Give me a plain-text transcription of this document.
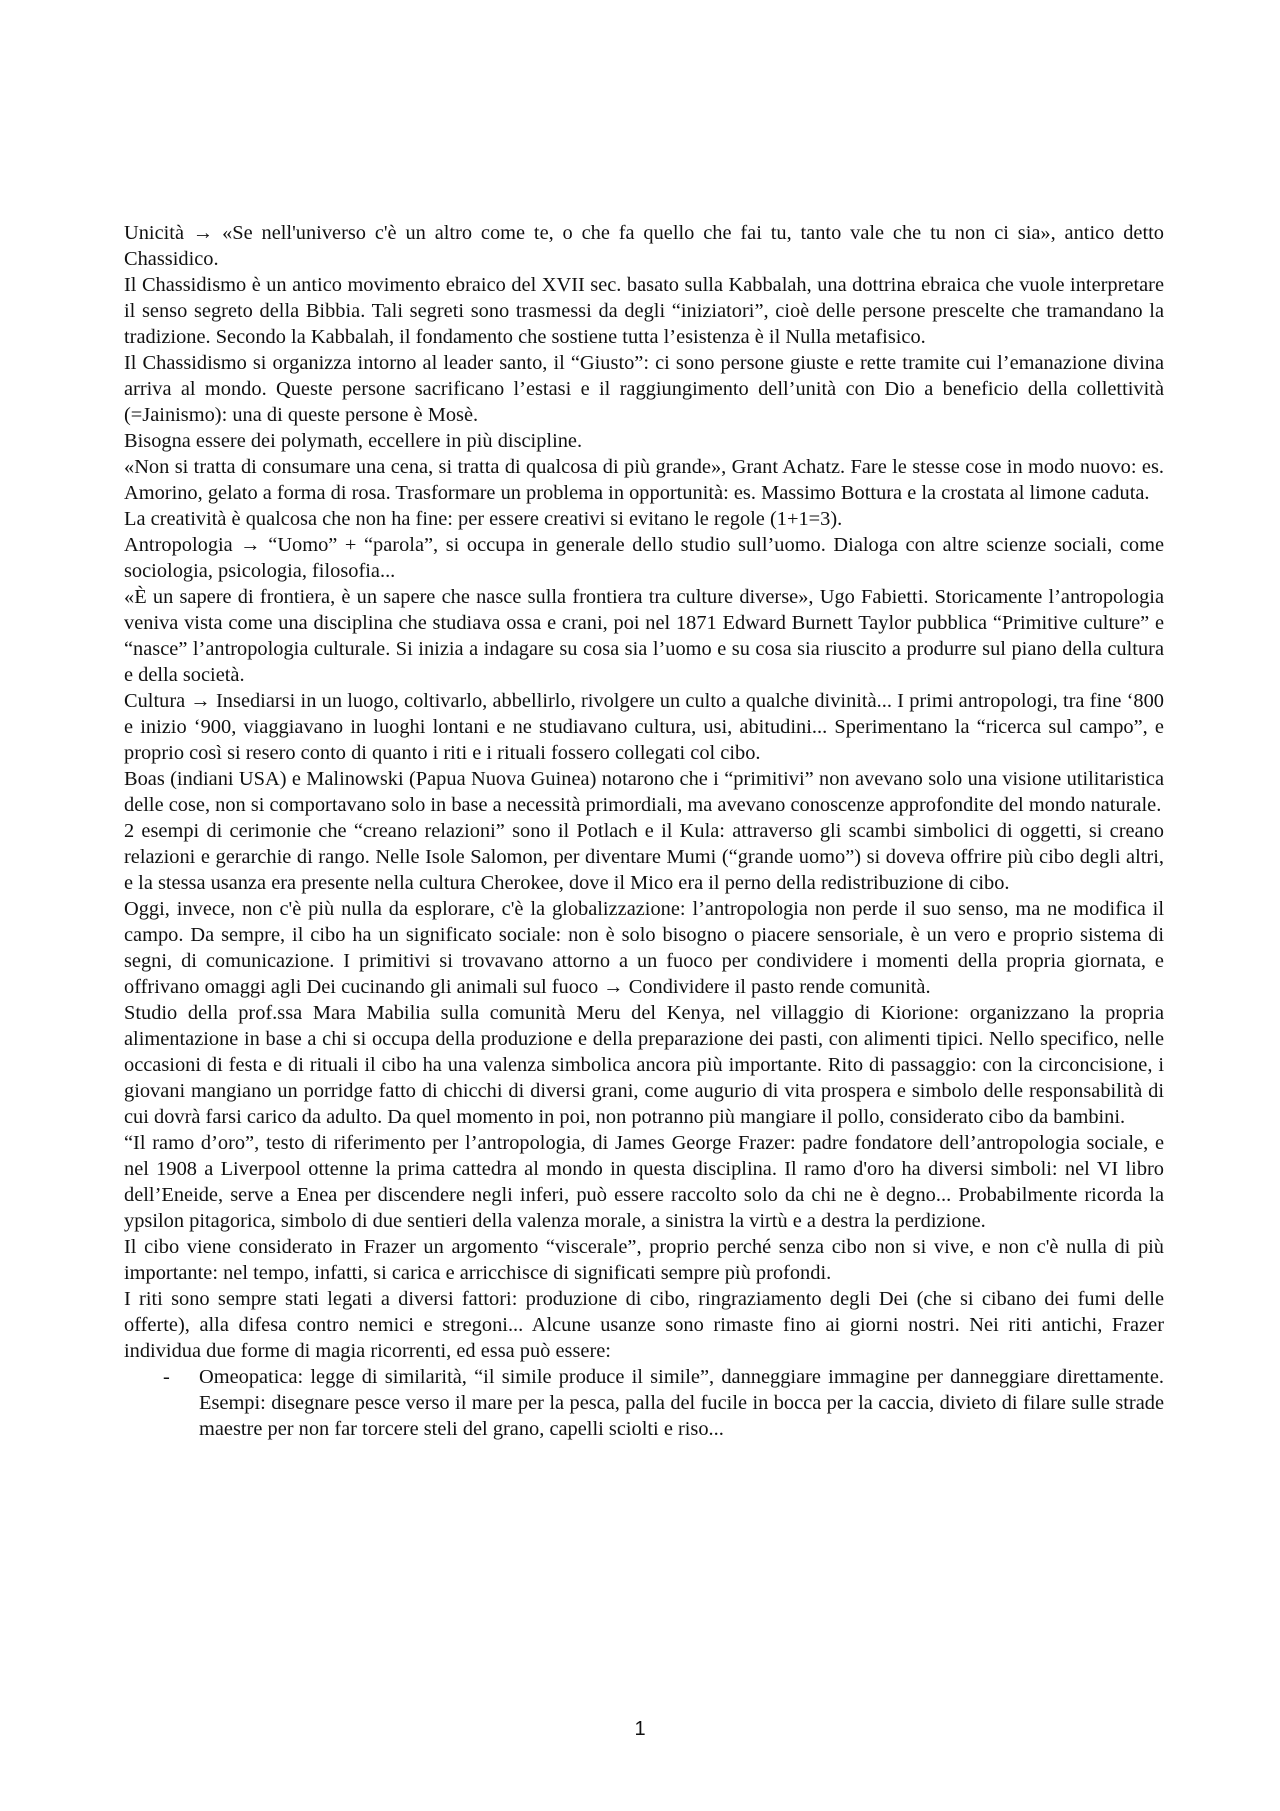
Unicità → «Se nell'universo c'è un altro come te, o che fa quello che fai tu, tanto vale che tu non ci sia», antico detto Chassidico.

Il Chassidismo è un antico movimento ebraico del XVII sec. basato sulla Kabbalah, una dottrina ebraica che vuole interpretare il senso segreto della Bibbia. Tali segreti sono trasmessi da degli “iniziatori”, cioè delle persone prescelte che tramandano la tradizione. Secondo la Kabbalah, il fondamento che sostiene tutta l’esistenza è il Nulla metafisico.

Il Chassidismo si organizza intorno al leader santo, il “Giusto”: ci sono persone giuste e rette tramite cui l’emanazione divina arriva al mondo. Queste persone sacrificano l’estasi e il raggiungimento dell’unità con Dio a beneficio della collettività (=Jainismo): una di queste persone è Mosè.

Bisogna essere dei polymath, eccellere in più discipline.

«Non si tratta di consumare una cena, si tratta di qualcosa di più grande», Grant Achatz. Fare le stesse cose in modo nuovo: es. Amorino, gelato a forma di rosa. Trasformare un problema in opportunità: es. Massimo Bottura e la crostata al limone caduta.

La creatività è qualcosa che non ha fine: per essere creativi si evitano le regole (1+1=3).

Antropologia → “Uomo” + “parola”, si occupa in generale dello studio sull’uomo. Dialoga con altre scienze sociali, come sociologia, psicologia, filosofia...

«È un sapere di frontiera, è un sapere che nasce sulla frontiera tra culture diverse», Ugo Fabietti. Storicamente l’antropologia veniva vista come una disciplina che studiava ossa e crani, poi nel 1871 Edward Burnett Taylor pubblica “Primitive culture” e “nasce” l’antropologia culturale. Si inizia a indagare su cosa sia l’uomo e su cosa sia riuscito a produrre sul piano della cultura e della società.

Cultura → Insediarsi in un luogo, coltivarlo, abbellirlo, rivolgere un culto a qualche divinità... I primi antropologi, tra fine ‘800 e inizio ‘900, viaggiavano in luoghi lontani e ne studiavano cultura, usi, abitudini... Sperimentano la “ricerca sul campo”, e proprio così si resero conto di quanto i riti e i rituali fossero collegati col cibo.

Boas (indiani USA) e Malinowski (Papua Nuova Guinea) notarono che i “primitivi” non avevano solo una visione utilitaristica delle cose, non si comportavano solo in base a necessità primordiali, ma avevano conoscenze approfondite del mondo naturale.

2 esempi di cerimonie che “creano relazioni” sono il Potlach e il Kula: attraverso gli scambi simbolici di oggetti, si creano relazioni e gerarchie di rango. Nelle Isole Salomon, per diventare Mumi (“grande uomo”) si doveva offrire più cibo degli altri, e la stessa usanza era presente nella cultura Cherokee, dove il Mico era il perno della redistribuzione di cibo.

Oggi, invece, non c'è più nulla da esplorare, c'è la globalizzazione: l’antropologia non perde il suo senso, ma ne modifica il campo. Da sempre, il cibo ha un significato sociale: non è solo bisogno o piacere sensoriale, è un vero e proprio sistema di segni, di comunicazione. I primitivi si trovavano attorno a un fuoco per condividere i momenti della propria giornata, e offrivano omaggi agli Dei cucinando gli animali sul fuoco → Condividere il pasto rende comunità.

Studio della prof.ssa Mara Mabilia sulla comunità Meru del Kenya, nel villaggio di Kiorione: organizzano la propria alimentazione in base a chi si occupa della produzione e della preparazione dei pasti, con alimenti tipici. Nello specifico, nelle occasioni di festa e di rituali il cibo ha una valenza simbolica ancora più importante. Rito di passaggio: con la circoncisione, i giovani mangiano un porridge fatto di chicchi di diversi grani, come augurio di vita prospera e simbolo delle responsabilità di cui dovrà farsi carico da adulto. Da quel momento in poi, non potranno più mangiare il pollo, considerato cibo da bambini.

“Il ramo d’oro”, testo di riferimento per l’antropologia, di James George Frazer: padre fondatore dell’antropologia sociale, e nel 1908 a Liverpool ottenne la prima cattedra al mondo in questa disciplina. Il ramo d'oro ha diversi simboli: nel VI libro dell’Eneide, serve a Enea per discendere negli inferi, può essere raccolto solo da chi ne è degno... Probabilmente ricorda la ypsilon pitagorica, simbolo di due sentieri della valenza morale, a sinistra la virtù e a destra la perdizione.

Il cibo viene considerato in Frazer un argomento “viscerale”, proprio perché senza cibo non si vive, e non c'è nulla di più importante: nel tempo, infatti, si carica e arricchisce di significati sempre più profondi.

I riti sono sempre stati legati a diversi fattori: produzione di cibo, ringraziamento degli Dei (che si cibano dei fumi delle offerte), alla difesa contro nemici e stregoni... Alcune usanze sono rimaste fino ai giorni nostri. Nei riti antichi, Frazer individua due forme di magia ricorrenti, ed essa può essere:

- Omeopatica: legge di similarità, “il simile produce il simile”, danneggiare immagine per danneggiare direttamente. Esempi: disegnare pesce verso il mare per la pesca, palla del fucile in bocca per la caccia, divieto di filare sulle strade maestre per non far torcere steli del grano, capelli sciolti e riso...
1
